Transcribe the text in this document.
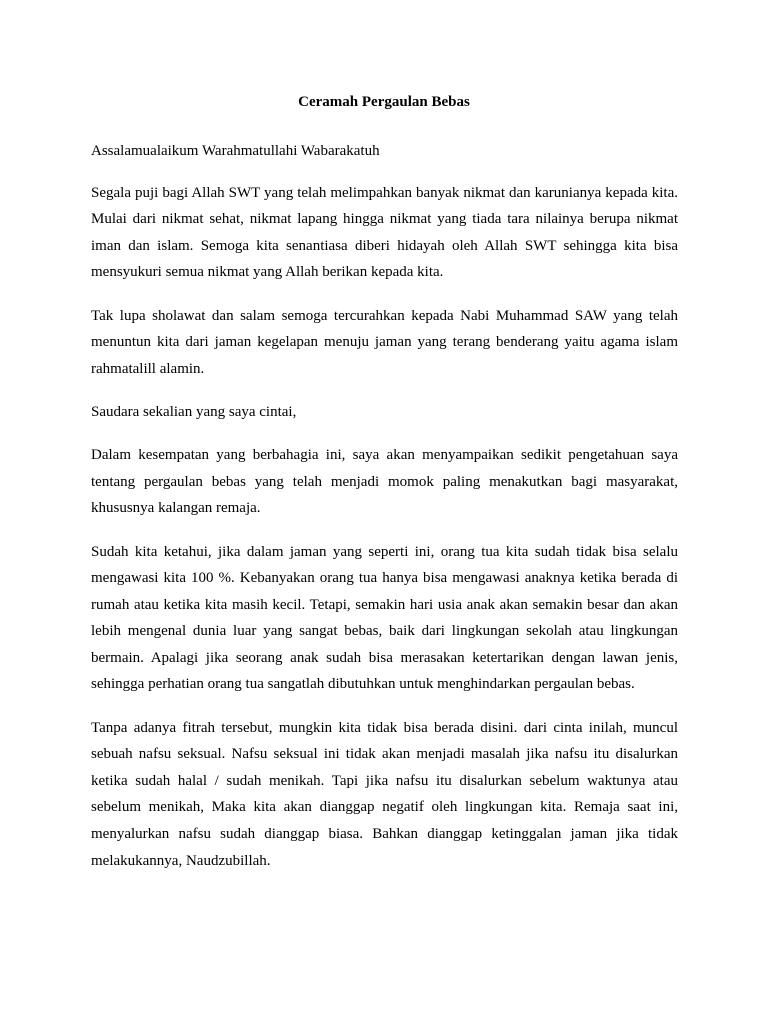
Ceramah Pergaulan Bebas

Assalamualaikum Warahmatullahi Wabarakatuh

Segala puji bagi Allah SWT yang telah melimpahkan banyak nikmat dan karunianya kepada kita. Mulai dari nikmat sehat, nikmat lapang hingga nikmat yang tiada tara nilainya berupa nikmat iman dan islam. Semoga kita senantiasa diberi hidayah oleh Allah SWT sehingga kita bisa mensyukuri semua nikmat yang Allah berikan kepada kita.

Tak lupa sholawat dan salam semoga tercurahkan kepada Nabi Muhammad SAW yang telah menuntun kita dari jaman kegelapan menuju jaman yang terang benderang yaitu agama islam rahmatalill alamin.

Saudara sekalian yang saya cintai,

Dalam kesempatan yang berbahagia ini, saya akan menyampaikan sedikit pengetahuan saya tentang pergaulan bebas yang telah menjadi momok paling menakutkan bagi masyarakat, khususnya kalangan remaja.

Sudah kita ketahui, jika dalam jaman yang seperti ini, orang tua kita sudah tidak bisa selalu mengawasi kita 100 %. Kebanyakan orang tua hanya bisa mengawasi anaknya ketika berada di rumah atau ketika kita masih kecil. Tetapi, semakin hari usia anak akan semakin besar dan akan lebih mengenal dunia luar yang sangat bebas, baik dari lingkungan sekolah atau lingkungan bermain. Apalagi jika seorang anak sudah bisa merasakan ketertarikan dengan lawan jenis, sehingga perhatian orang tua sangatlah dibutuhkan untuk menghindarkan pergaulan bebas.

Tanpa adanya fitrah tersebut, mungkin kita tidak bisa berada disini. dari cinta inilah, muncul sebuah nafsu seksual. Nafsu seksual ini tidak akan menjadi masalah jika nafsu itu disalurkan ketika sudah halal / sudah menikah. Tapi jika nafsu itu disalurkan sebelum waktunya atau sebelum menikah, Maka kita akan dianggap negatif oleh lingkungan kita. Remaja saat ini, menyalurkan nafsu sudah dianggap biasa. Bahkan dianggap ketinggalan jaman jika tidak melakukannya, Naudzubillah.
